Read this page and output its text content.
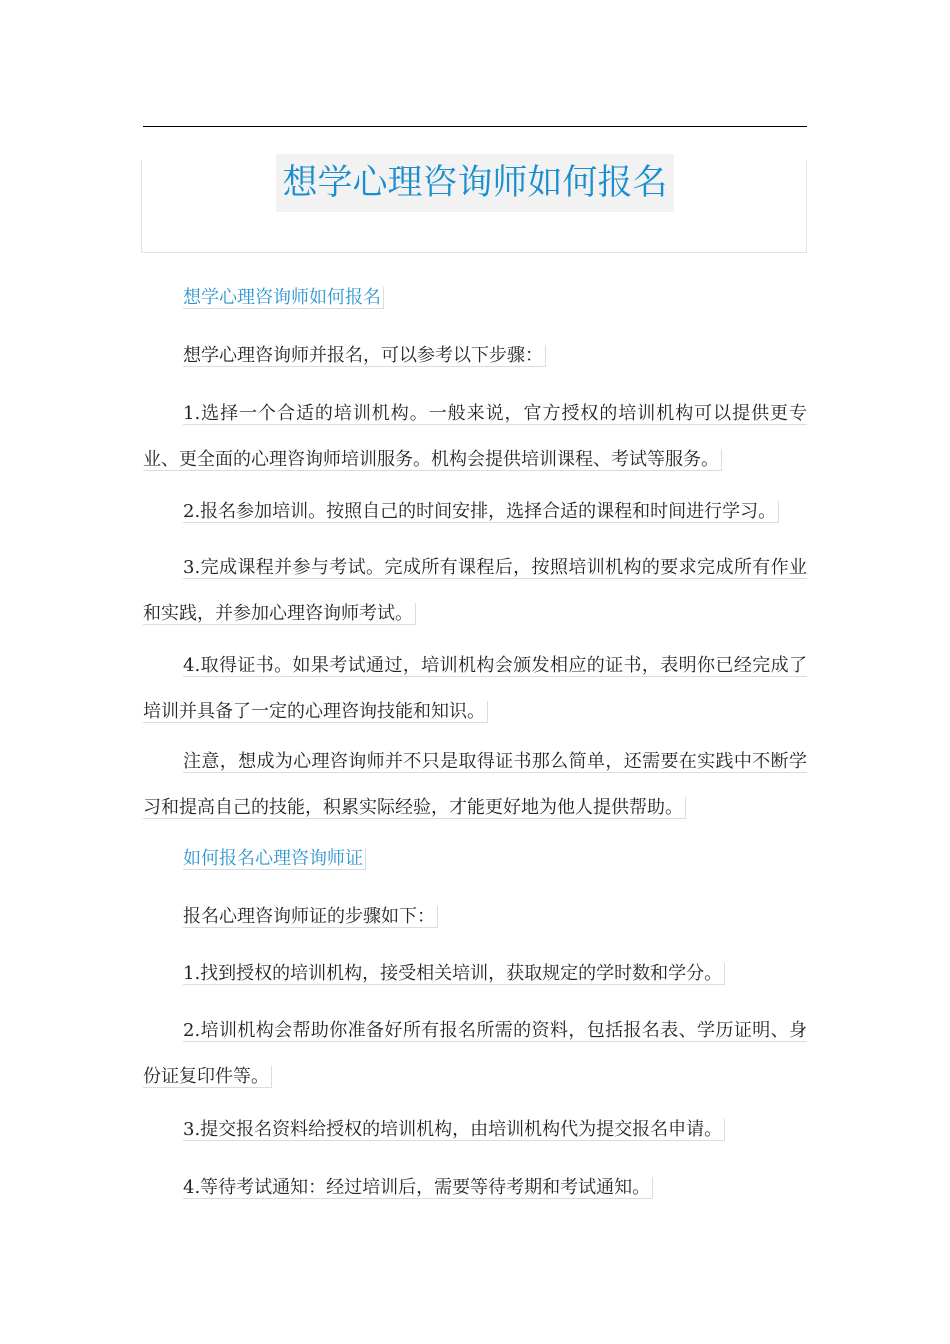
想学心理咨询师如何报名

想学心理咨询师如何报名

想学心理咨询师并报名，可以参考以下步骤：

1.选择一个合适的培训机构。一般来说，官方授权的培训机构可以提供更专业、更全面的心理咨询师培训服务。机构会提供培训课程、考试等服务。

2.报名参加培训。按照自己的时间安排，选择合适的课程和时间进行学习。

3.完成课程并参与考试。完成所有课程后，按照培训机构的要求完成所有作业和实践，并参加心理咨询师考试。

4.取得证书。如果考试通过，培训机构会颁发相应的证书，表明你已经完成了培训并具备了一定的心理咨询技能和知识。

注意，想成为心理咨询师并不只是取得证书那么简单，还需要在实践中不断学习和提高自己的技能，积累实际经验，才能更好地为他人提供帮助。

如何报名心理咨询师证

报名心理咨询师证的步骤如下：

1.找到授权的培训机构，接受相关培训，获取规定的学时数和学分。

2.培训机构会帮助你准备好所有报名所需的资料，包括报名表、学历证明、身份证复印件等。

3.提交报名资料给授权的培训机构，由培训机构代为提交报名申请。

4.等待考试通知：经过培训后，需要等待考期和考试通知。
